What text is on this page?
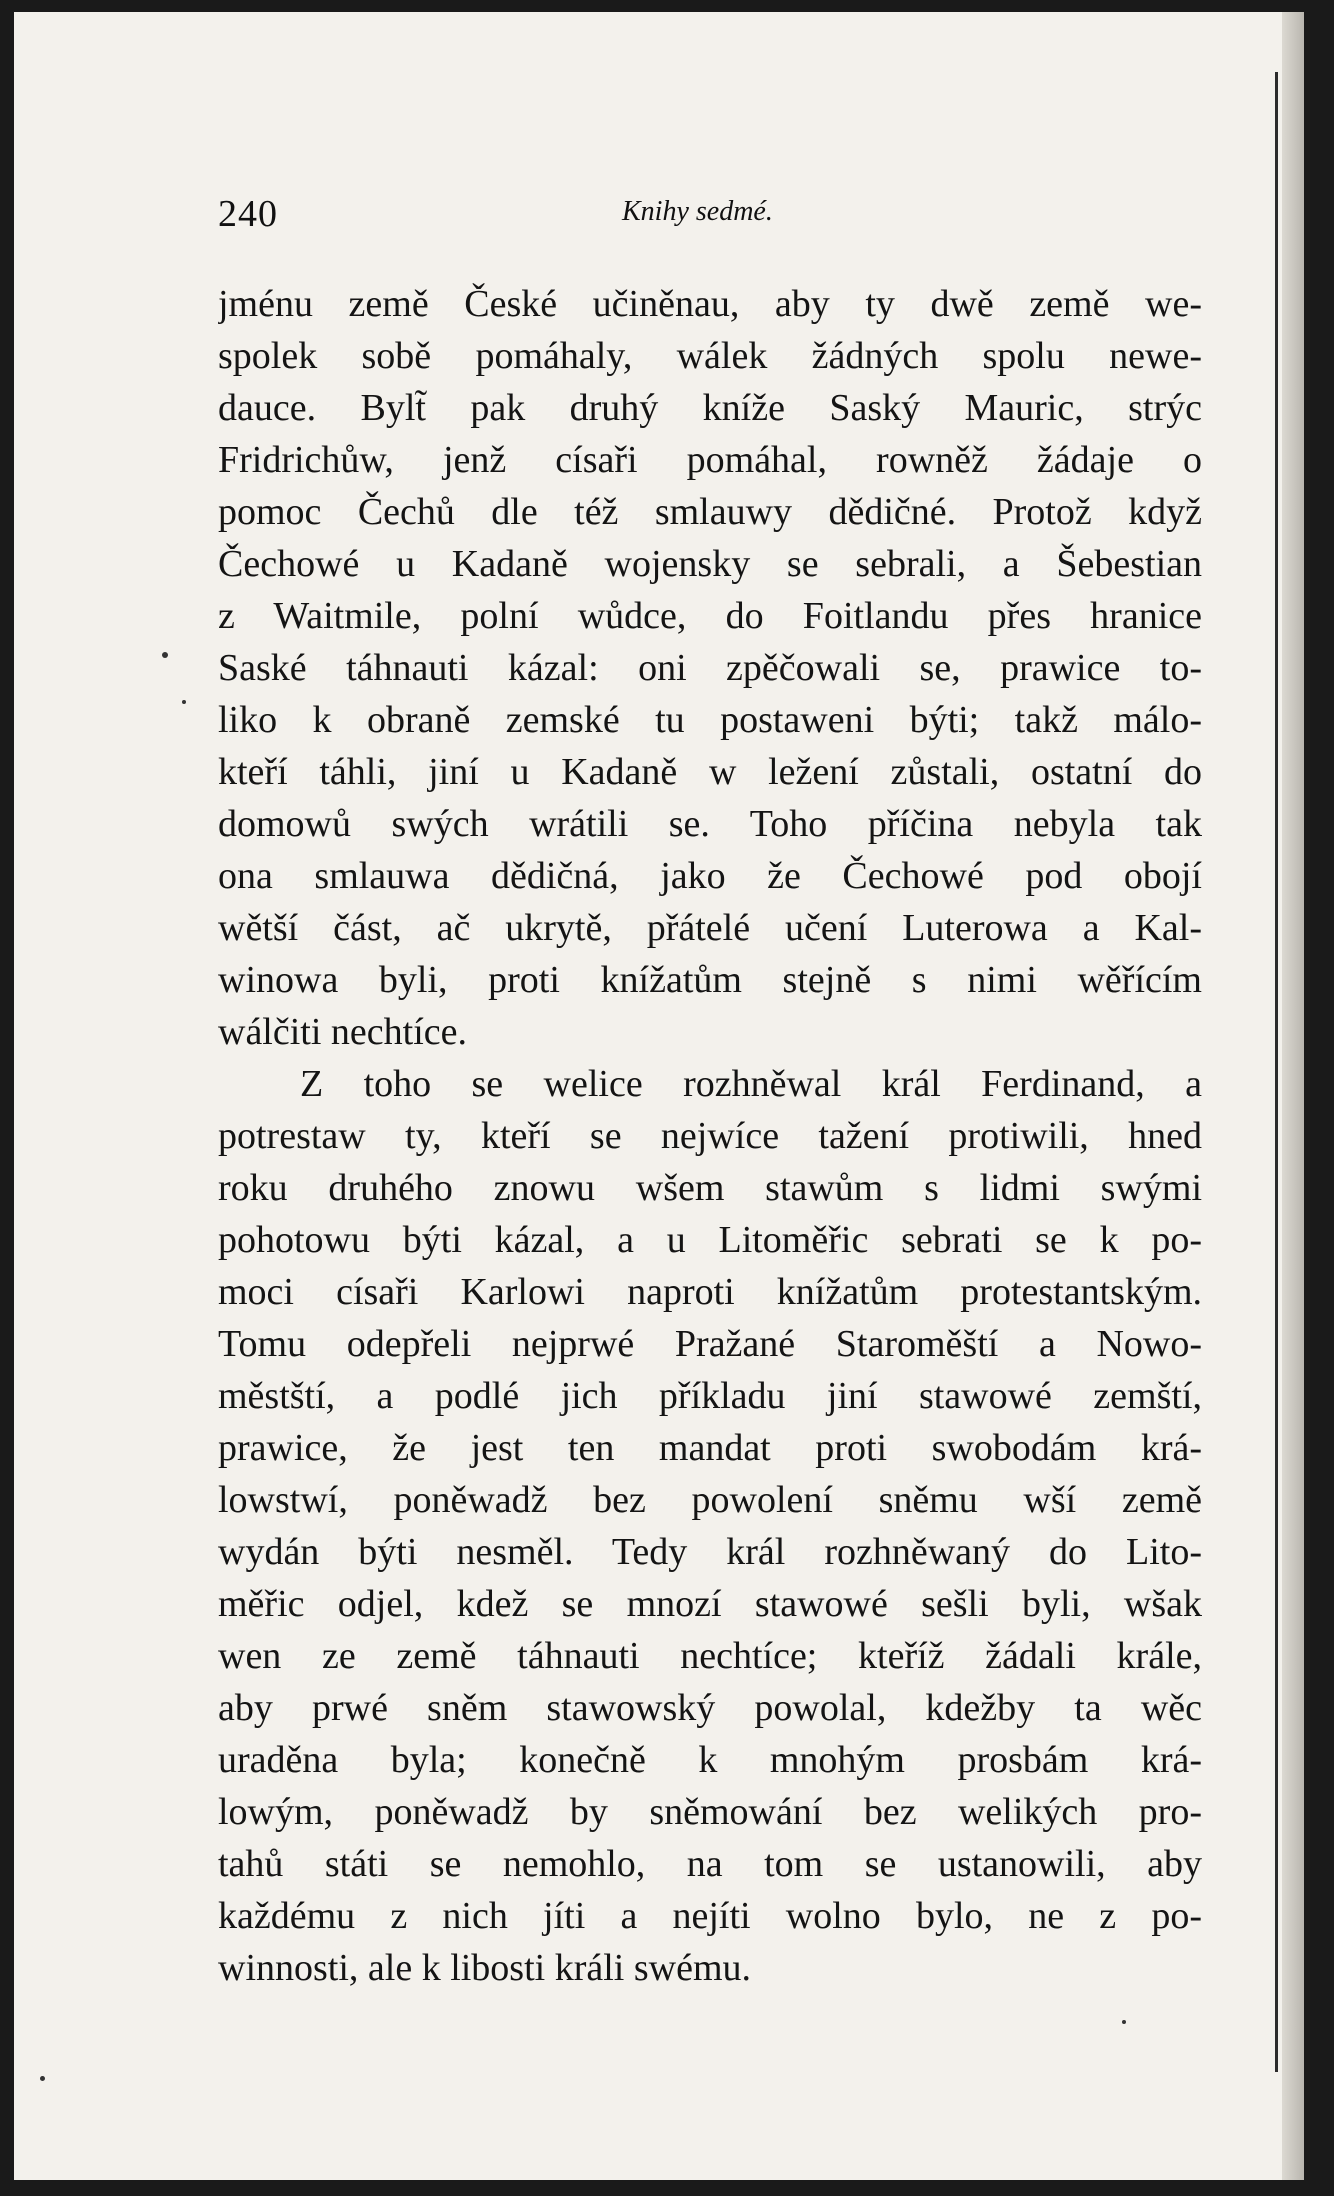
240	Knihy sedmé.
jménu země České učiněnau, aby ty dwě země we-
spolek sobě pomáhaly, wálek žádných spolu newe-
dauce. Bylt̃ pak druhý kníže Saský Mauric, strýc
Fridrichůw, jenž císaři pomáhal, rowněž žádaje o
pomoc Čechů dle též smlauwy dědičné. Protož když
Čechowé u Kadaně wojensky se sebrali, a Šebestian
z Waitmile, polní wůdce, do Foitlandu přes hranice
Saské táhnauti kázal: oni zpěčowali se, prawice to-
liko k obraně zemské tu postaweni býti; takž málo-
kteří táhli, jiní u Kadaně w ležení zůstali, ostatní do
domowů swých wrátili se. Toho příčina nebyla tak
ona smlauwa dědičná, jako že Čechowé pod obojí
wětší část, ač ukrytě, přátelé učení Luterowa a Kal-
winowa byli, proti knížatům stejně s nimi wěřícím
wálčiti nechtíce.
Z toho se welice rozhněwal král Ferdinand, a
potrestaw ty, kteří se nejwíce tažení protiwili, hned
roku druhého znowu wšem stawům s lidmi swými
pohotowu býti kázal, a u Litoměřic sebrati se k po-
moci císaři Karlowi naproti knížatům protestantským.
Tomu odepřeli nejprwé Pražané Staroměští a Nowo-
městští, a podlé jich příkladu jiní stawowé zemští,
prawice, že jest ten mandat proti swobodám krá-
lowstwí, poněwadž bez powolení sněmu wší země
wydán býti nesměl. Tedy král rozhněwaný do Lito-
měřic odjel, kdež se mnozí stawowé sešli byli, wšak
wen ze země táhnauti nechtíce; kteříž žádali krále,
aby prwé sněm stawowský powolal, kdežby ta wěc
uraděna byla; konečně k mnohým prosbám krá-
lowým, poněwadž by sněmowání bez welikých pro-
tahů státi se nemohlo, na tom se ustanowili, aby
každému z nich jíti a nejíti wolno bylo, ne z po-
winnosti, ale k libosti králi swému.
